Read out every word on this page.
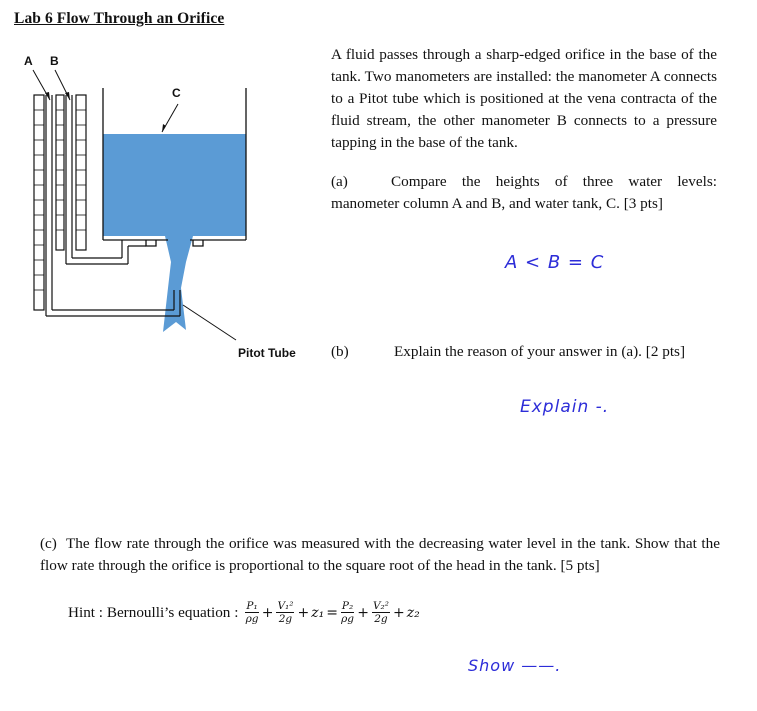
Lab 6 Flow Through an Orifice
A B
C
Pitot Tube
A fluid passes through a sharp-edged orifice in the base of the tank. Two manometers are installed: the manometer A connects to a Pitot tube which is positioned at the vena contracta of the fluid stream, the other manometer B connects to a pressure tapping in the base of the tank.
(a)	Compare the heights of three water levels: manometer column A and B, and water tank, C. [3 pts]
A < B = C
(b)	Explain the reason of your answer in (a). [2 pts]
Explain -.
(c) The flow rate through the orifice was measured with the decreasing water level in the tank. Show that the flow rate through the orifice is proportional to the square root of the head in the tank. [5 pts]
Hint : Bernoulli’s equation : $\frac{\text{P₁}}{\rho g} + \frac{\text{V₁²}}{2g} + z_1 = \frac{\text{P₂}}{\rho g} + \frac{\text{V₂²}}{2g} + z_2$
Show ——.
